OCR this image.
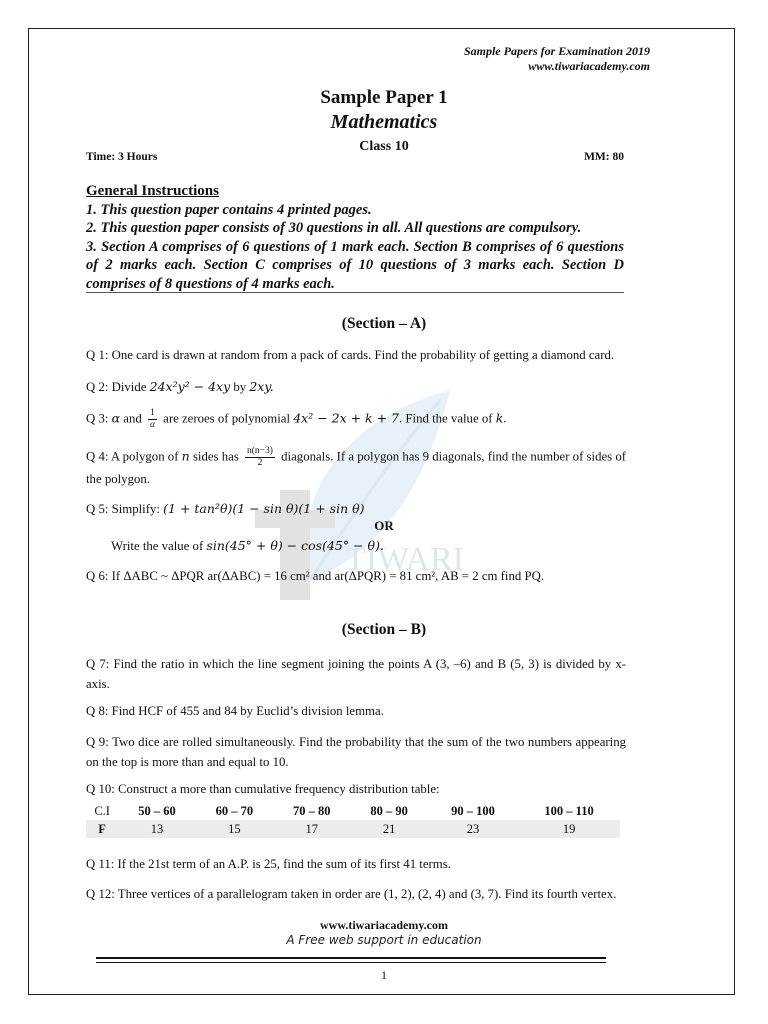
TIWARI
Sample Papers for Examination 2019
www.tiwariacademy.com
Sample Paper 1
Mathematics
Class 10
Time: 3 Hours	MM: 80
General Instructions
1. This question paper contains 4 printed pages.
2. This question paper consists of 30 questions in all. All questions are compulsory.
3. Section A comprises of 6 questions of 1 mark each. Section B comprises of 6 questions of 2 marks each. Section C comprises of 10 questions of 3 marks each. Section D comprises of 8 questions of 4 marks each.
(Section – A)
Q 1: One card is drawn at random from a pack of cards. Find the probability of getting a diamond card.
Q 2: Divide 24x²y² − 4xy by 2xy.
Q 3: α and $\frac{1}{\alpha}$ are zeroes of polynomial 4x² − 2x + k + 7. Find the value of k.
Q 4: A polygon of n sides has $\frac{n(n-3)}{2}$ diagonals. If a polygon has 9 diagonals, find the number of sides of the polygon.
Q 5: Simplify: (1 + tan²θ)(1 − sin θ)(1 + sin θ)
OR
Write the value of sin(45° + θ) − cos(45° − θ).
Q 6: If ΔABC ~ ΔPQR ar(ΔABC) = 16 cm² and ar(ΔPQR) = 81 cm², AB = 2 cm find PQ.
(Section – B)
Q 7: Find the ratio in which the line segment joining the points A (3, –6) and B (5, 3) is divided by x-axis.
Q 8: Find HCF of 455 and 84 by Euclid’s division lemma.
Q 9: Two dice are rolled simultaneously. Find the probability that the sum of the two numbers appearing on the top is more than and equal to 10.
Q 10: Construct a more than cumulative frequency distribution table:
C.I	50 – 60	60 – 70	70 – 80	80 – 90	90 – 100	100 – 110
F	13	15	17	21	23	19
Q 11: If the 21st term of an A.P. is 25, find the sum of its first 41 terms.
Q 12: Three vertices of a parallelogram taken in order are (1, 2), (2, 4) and (3, 7). Find its fourth vertex.
www.tiwariacademy.com
A Free web support in education
1
